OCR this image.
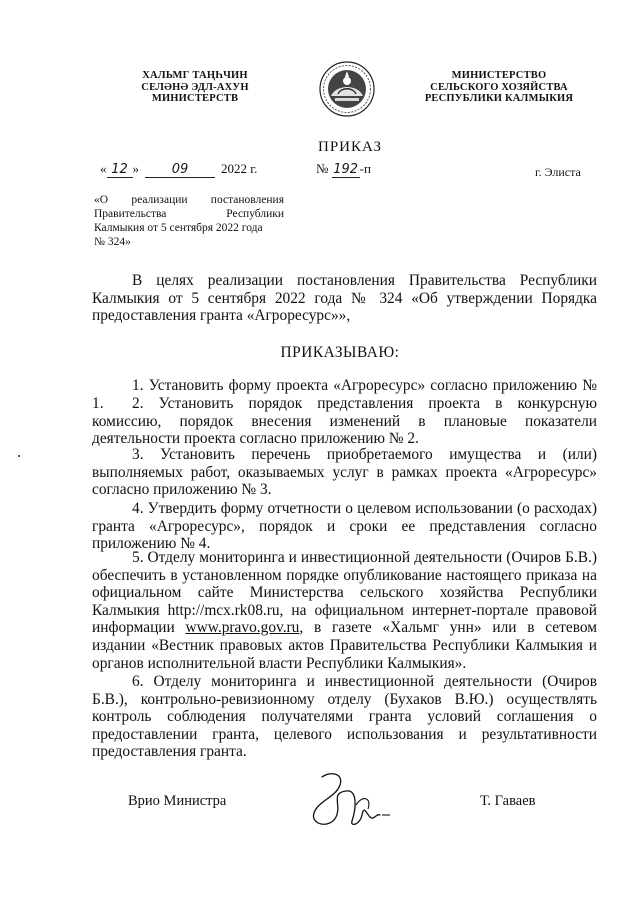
ХАЛЬМГ ТАҢҺЧИН
СЕЛӘНӘ ЭДЛ-АХУН
МИНИСТЕРСТВ
МИНИСТЕРСТВО
СЕЛЬСКОГО ХОЗЯЙСТВА
РЕСПУБЛИКИ КАЛМЫКИЯ
ПРИКАЗ
« 12 »	09	2022 г.	№ 192 -п	г. Элиста
«О реализации постановления
Правительства Республики
Калмыкия от 5 сентября 2022 года
№ 324»
В целях реализации постановления Правительства Республики Калмыкия от 5 сентября 2022 года № 324 «Об утверждении Порядка предоставления гранта «Агроресурс»»,
ПРИКАЗЫВАЮ:
1. Установить форму проекта «Агроресурс» согласно приложению № 1.	2. Установить порядок представления проекта в конкурсную комиссию, порядок внесения изменений в плановые показатели деятельности проекта согласно приложению № 2.
3. Установить перечень приобретаемого имущества и (или) выполняемых работ, оказываемых услуг в рамках проекта «Агроресурс» согласно приложению № 3.
4. Утвердить форму отчетности о целевом использовании (о расходах) гранта «Агроресурс», порядок и сроки ее представления согласно приложению № 4.
5. Отделу мониторинга и инвестиционной деятельности (Очиров Б.В.) обеспечить в установленном порядке опубликование настоящего приказа на официальном сайте Министерства сельского хозяйства Республики Калмыкия http://mcx.rk08.ru, на официальном интернет-портале правовой информации www.pravo.gov.ru, в газете «Хальмг унн» или в сетевом издании «Вестник правовых актов Правительства Республики Калмыкия и органов исполнительной власти Республики Калмыкия».
6. Отделу мониторинга и инвестиционной деятельности (Очиров Б.В.), контрольно-ревизионному отделу (Бухаков В.Ю.) осуществлять контроль соблюдения получателями гранта условий соглашения о предоставлении гранта, целевого использования и результативности предоставления гранта.
Врио Министра	Т. Гаваев
